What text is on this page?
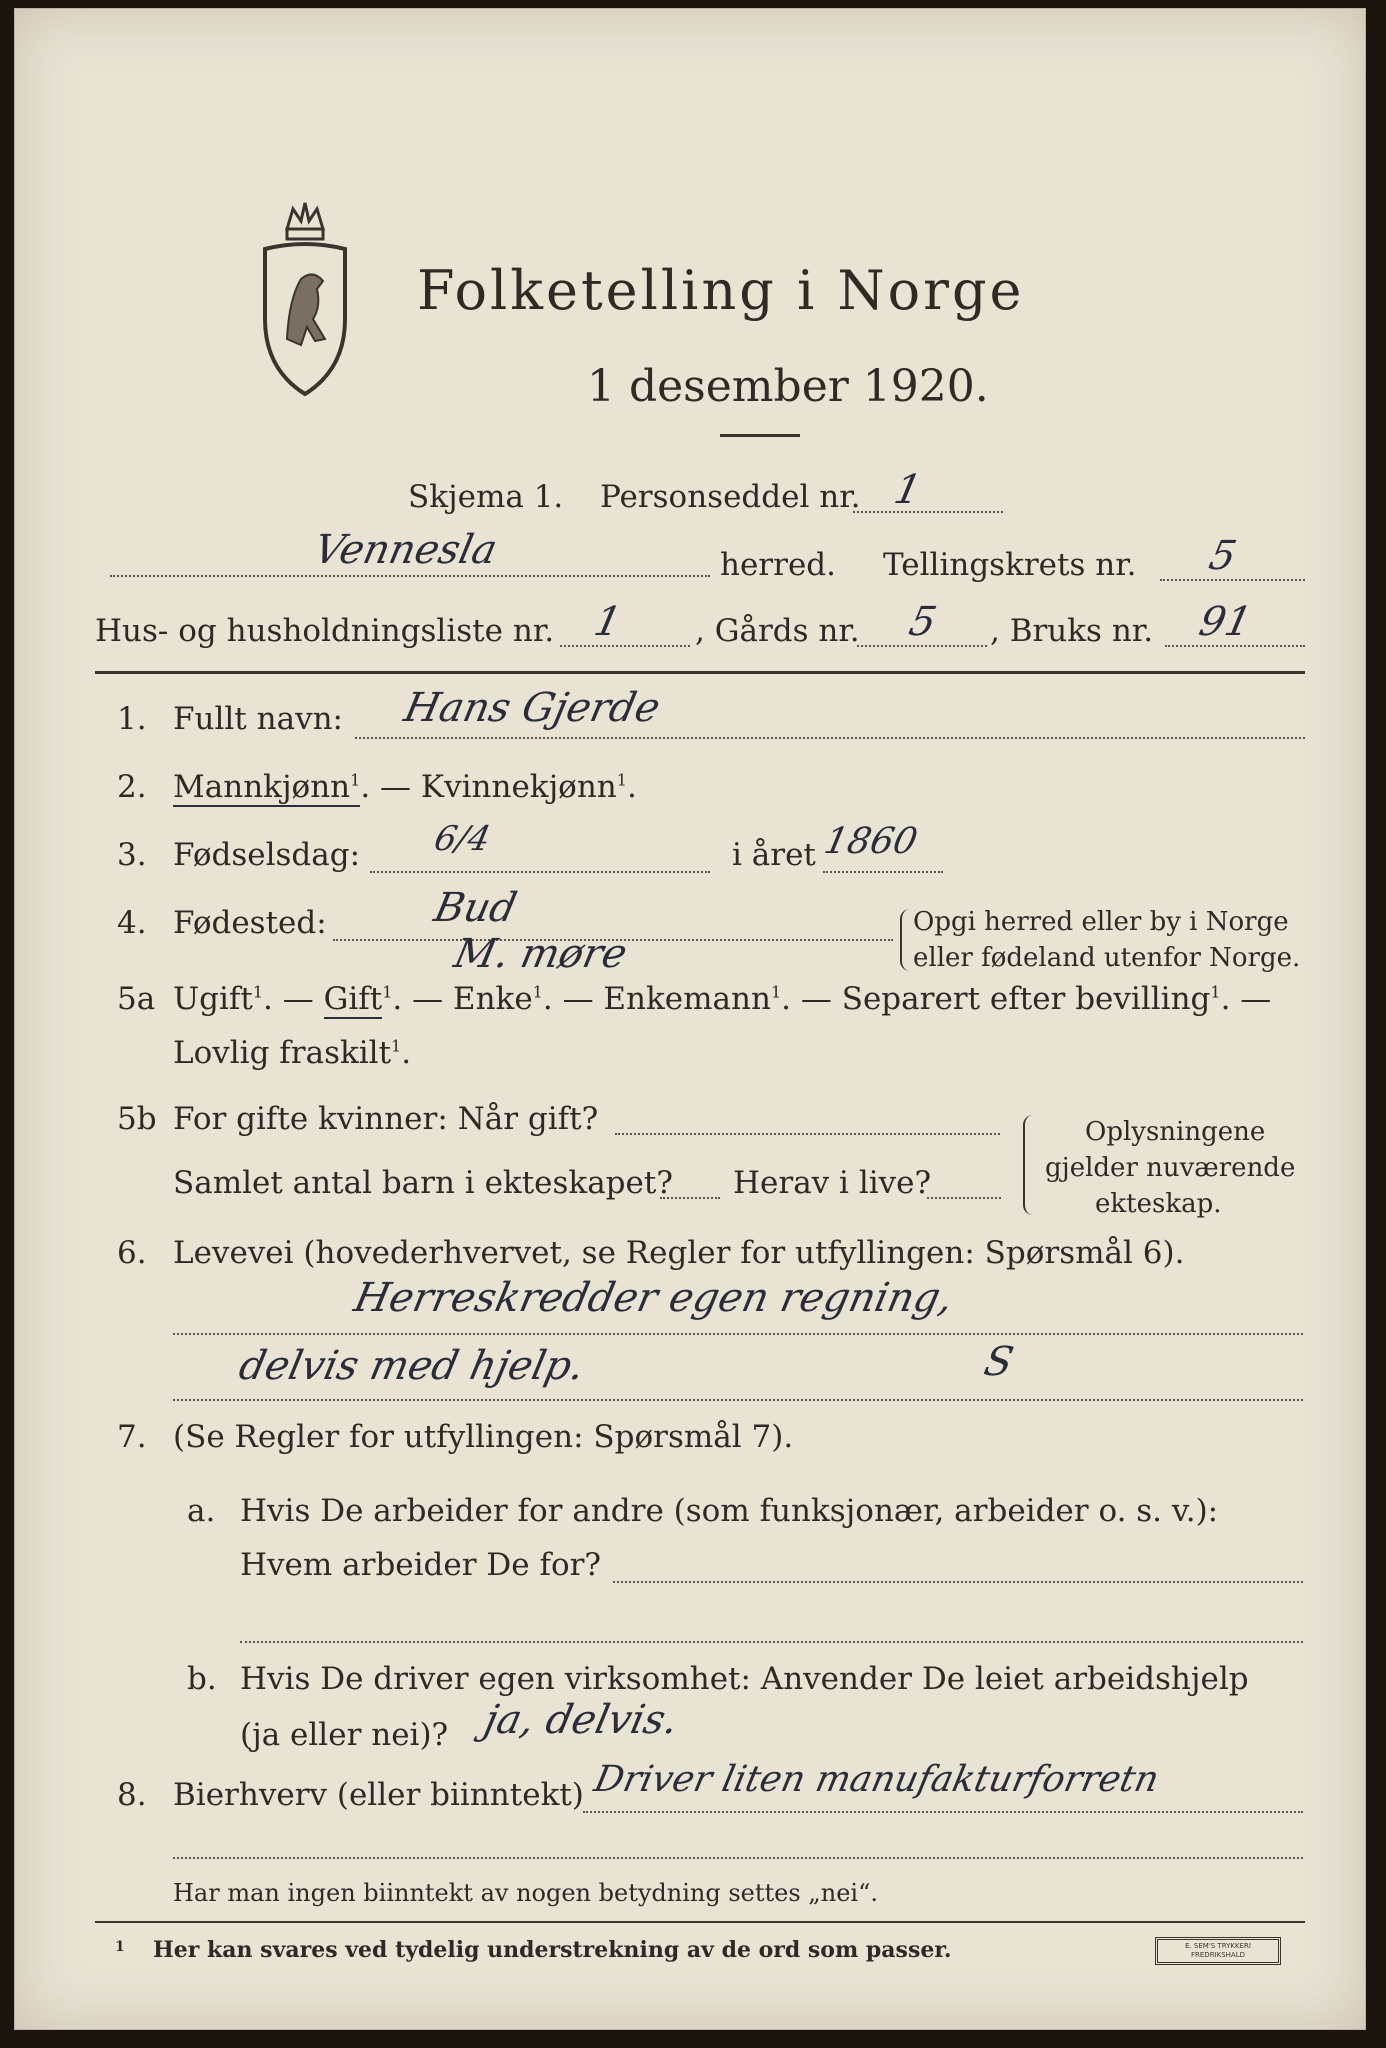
Folketelling i Norge
1 desember 1920.
Skjema 1. Personseddel nr. 1
Vennesla	herred. Tellingskrets nr. 5
Hus- og husholdningsliste nr. 1 , Gårds nr. 5 , Bruks nr. 91
1. Fullt navn: Hans Gjerde
2. Mannkjønn$^1$. — Kvinnekjønn$^1$.
3. Fødselsdag: 6/4	i året 1860
4. Fødested:	Bud
M. møre
Opgi herred eller by i Norge
eller fødeland utenfor Norge.
5a Ugift$^1$. — Gift$^1$. — Enke$^1$. — Enkemann$^1$. — Separert efter bevilling$^1$. —
Lovlig fraskilt$^1$.
5b For gifte kvinner: Når gift?
Samlet antal barn i ekteskapet? Herav i live?
Oplysningene
gjelder nuværende
ekteskap.
6. Levevei (hovederhvervet, se Regler for utfyllingen: Spørsmål 6).
Herreskredder egen regning,
delvis med hjelp.	S
7. (Se Regler for utfyllingen: Spørsmål 7).
a. Hvis De arbeider for andre (som funksjonær, arbeider o. s. v.):
Hvem arbeider De for?
b. Hvis De driver egen virksomhet: Anvender De leiet arbeidshjelp
(ja eller nei)? ja, delvis.
8. Bierhverv (eller biinntekt) Driver liten manufakturforretn
Har man ingen biinntekt av nogen betydning settes „nei“.
1 Her kan svares ved tydelig understrekning av de ord som passer.	E. SEM'S TRYKKERI
FREDRIKSHALD
